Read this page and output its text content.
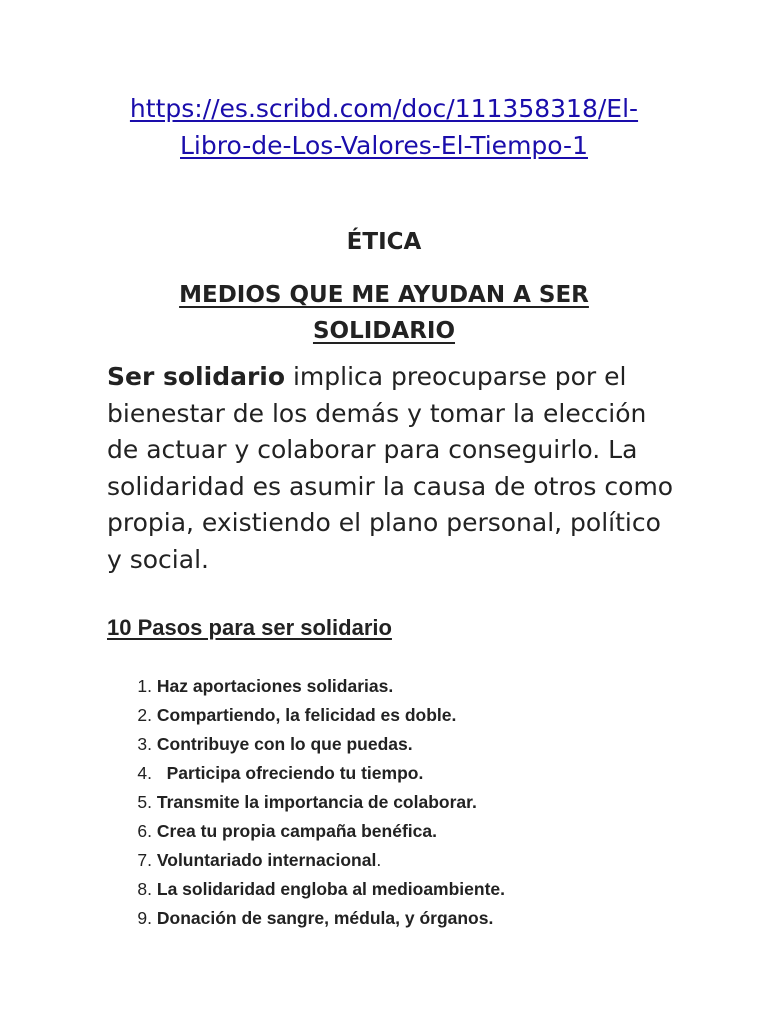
https://es.scribd.com/doc/111358318/El-
Libro-de-Los-Valores-El-Tiempo-1
ÉTICA
MEDIOS QUE ME AYUDAN A SER
SOLIDARIO

Ser solidario implica preocuparse por el bienestar de los demás y tomar la elección de actuar y colaborar para conseguirlo. La solidaridad es asumir la causa de otros como propia, existiendo el plano personal, político y social.

10 Pasos para ser solidario
1. Haz aportaciones solidarias.
2. Compartiendo, la felicidad es doble.
3. Contribuye con lo que puedas.
4.   Participa ofreciendo tu tiempo.
5. Transmite la importancia de colaborar.
6. Crea tu propia campaña benéfica.
7. Voluntariado internacional.
8. La solidaridad engloba al medioambiente.
9. Donación de sangre, médula, y órganos.
